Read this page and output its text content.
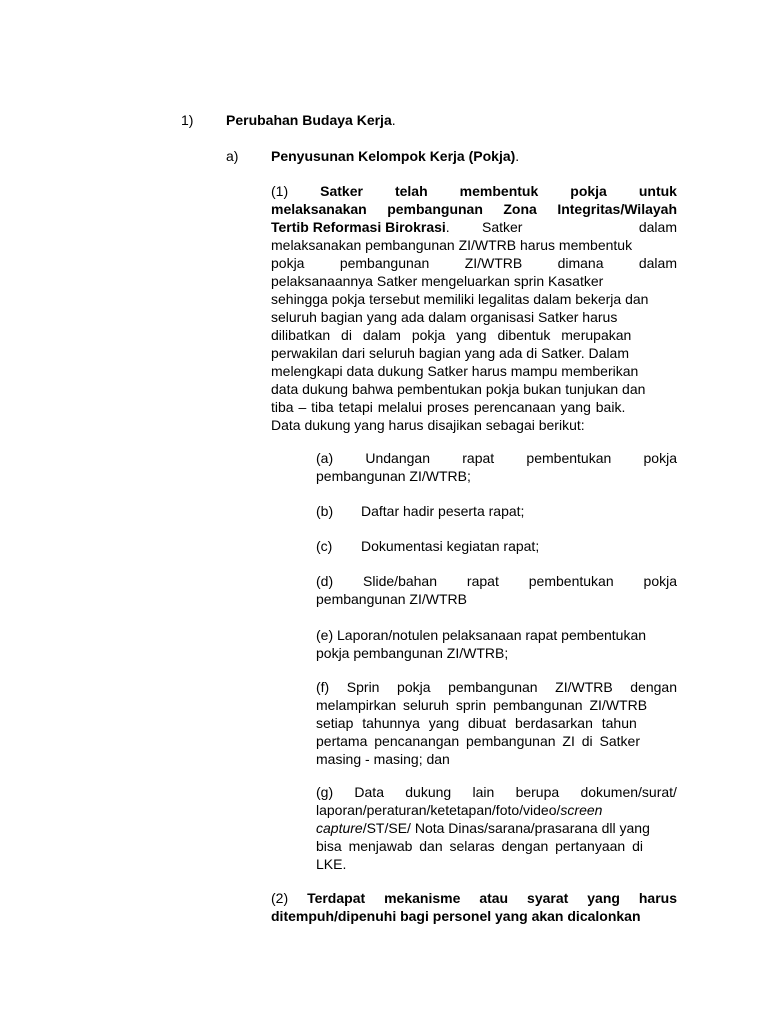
1) Perubahan Budaya Kerja.
a) Penyusunan Kelompok Kerja (Pokja).
(1) Satker telah membentuk pokja untuk
melaksanakan pembangunan Zona Integritas/Wilayah
Tertib Reformasi Birokrasi. Satker	dalam
melaksanakan pembangunan ZI/WTRB harus membentuk
pokja	pembangunan	ZI/WTRB	dimana	dalam
pelaksanaannya Satker mengeluarkan sprin Kasatker
sehingga pokja tersebut memiliki legalitas dalam bekerja dan
seluruh bagian yang ada dalam organisasi Satker harus
dilibatkan di dalam pokja yang dibentuk merupakan
perwakilan dari seluruh bagian yang ada di Satker. Dalam
melengkapi data dukung Satker harus mampu memberikan
data dukung bahwa pembentukan pokja bukan tunjukan dan
tiba – tiba tetapi melalui proses perencanaan yang baik.
Data dukung yang harus disajikan sebagai berikut:
(a) Undangan rapat pembentukan pokja
pembangunan ZI/WTRB;
(b) Daftar hadir peserta rapat;
(c) Dokumentasi kegiatan rapat;
(d) Slide/bahan rapat pembentukan pokja
pembangunan ZI/WTRB
(e) Laporan/notulen pelaksanaan rapat pembentukan
pokja pembangunan ZI/WTRB;
(f) Sprin pokja pembangunan ZI/WTRB dengan
melampirkan seluruh sprin pembangunan ZI/WTRB
setiap tahunnya yang dibuat berdasarkan tahun
pertama pencanangan pembangunan ZI di Satker
masing - masing; dan
(g) Data dukung lain berupa dokumen/surat/
laporan/peraturan/ketetapan/foto/video/screen
capture/ST/SE/ Nota Dinas/sarana/prasarana dll yang
bisa menjawab dan selaras dengan pertanyaan di
LKE.
(2) Terdapat mekanisme atau syarat yang harus
ditempuh/dipenuhi bagi personel yang akan dicalonkan
